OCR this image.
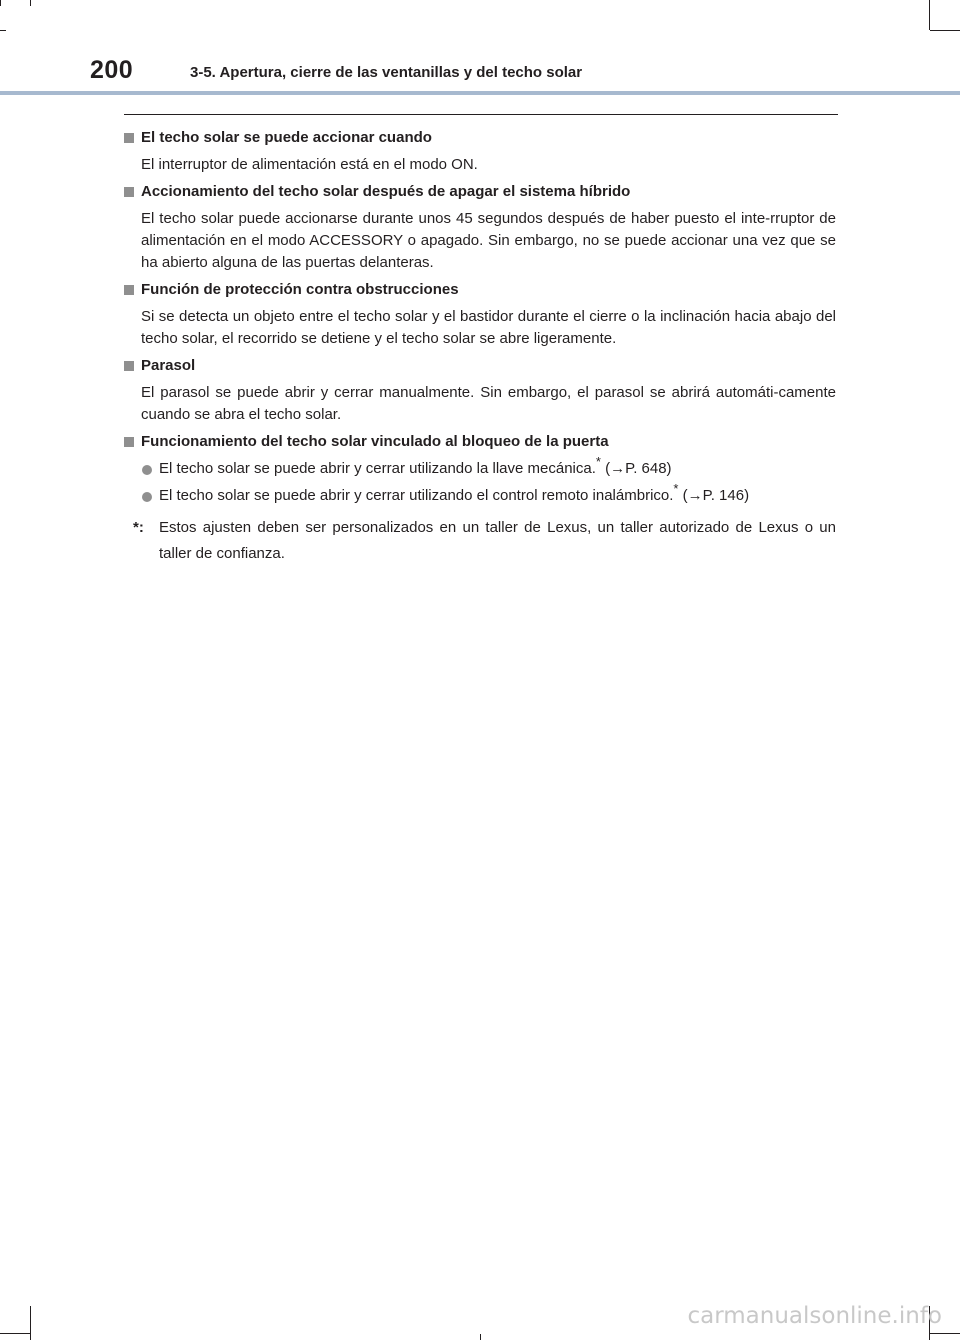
200	3-5. Apertura, cierre de las ventanillas y del techo solar
El techo solar se puede accionar cuando
El interruptor de alimentación está en el modo ON.
Accionamiento del techo solar después de apagar el sistema híbrido
El techo solar puede accionarse durante unos 45 segundos después de haber puesto el inte-rruptor de alimentación en el modo ACCESSORY o apagado. Sin embargo, no se puede accionar una vez que se ha abierto alguna de las puertas delanteras.
Función de protección contra obstrucciones
Si se detecta un objeto entre el techo solar y el bastidor durante el cierre o la inclinación hacia abajo del techo solar, el recorrido se detiene y el techo solar se abre ligeramente.
Parasol
El parasol se puede abrir y cerrar manualmente. Sin embargo, el parasol se abrirá automáti-camente cuando se abra el techo solar.
Funcionamiento del techo solar vinculado al bloqueo de la puerta
El techo solar se puede abrir y cerrar utilizando la llave mecánica.* (→P. 648)
El techo solar se puede abrir y cerrar utilizando el control remoto inalámbrico.* (→P. 146)
*: Estos ajusten deben ser personalizados en un taller de Lexus, un taller autorizado de Lexus o un taller de confianza.
carmanualsonline.info
